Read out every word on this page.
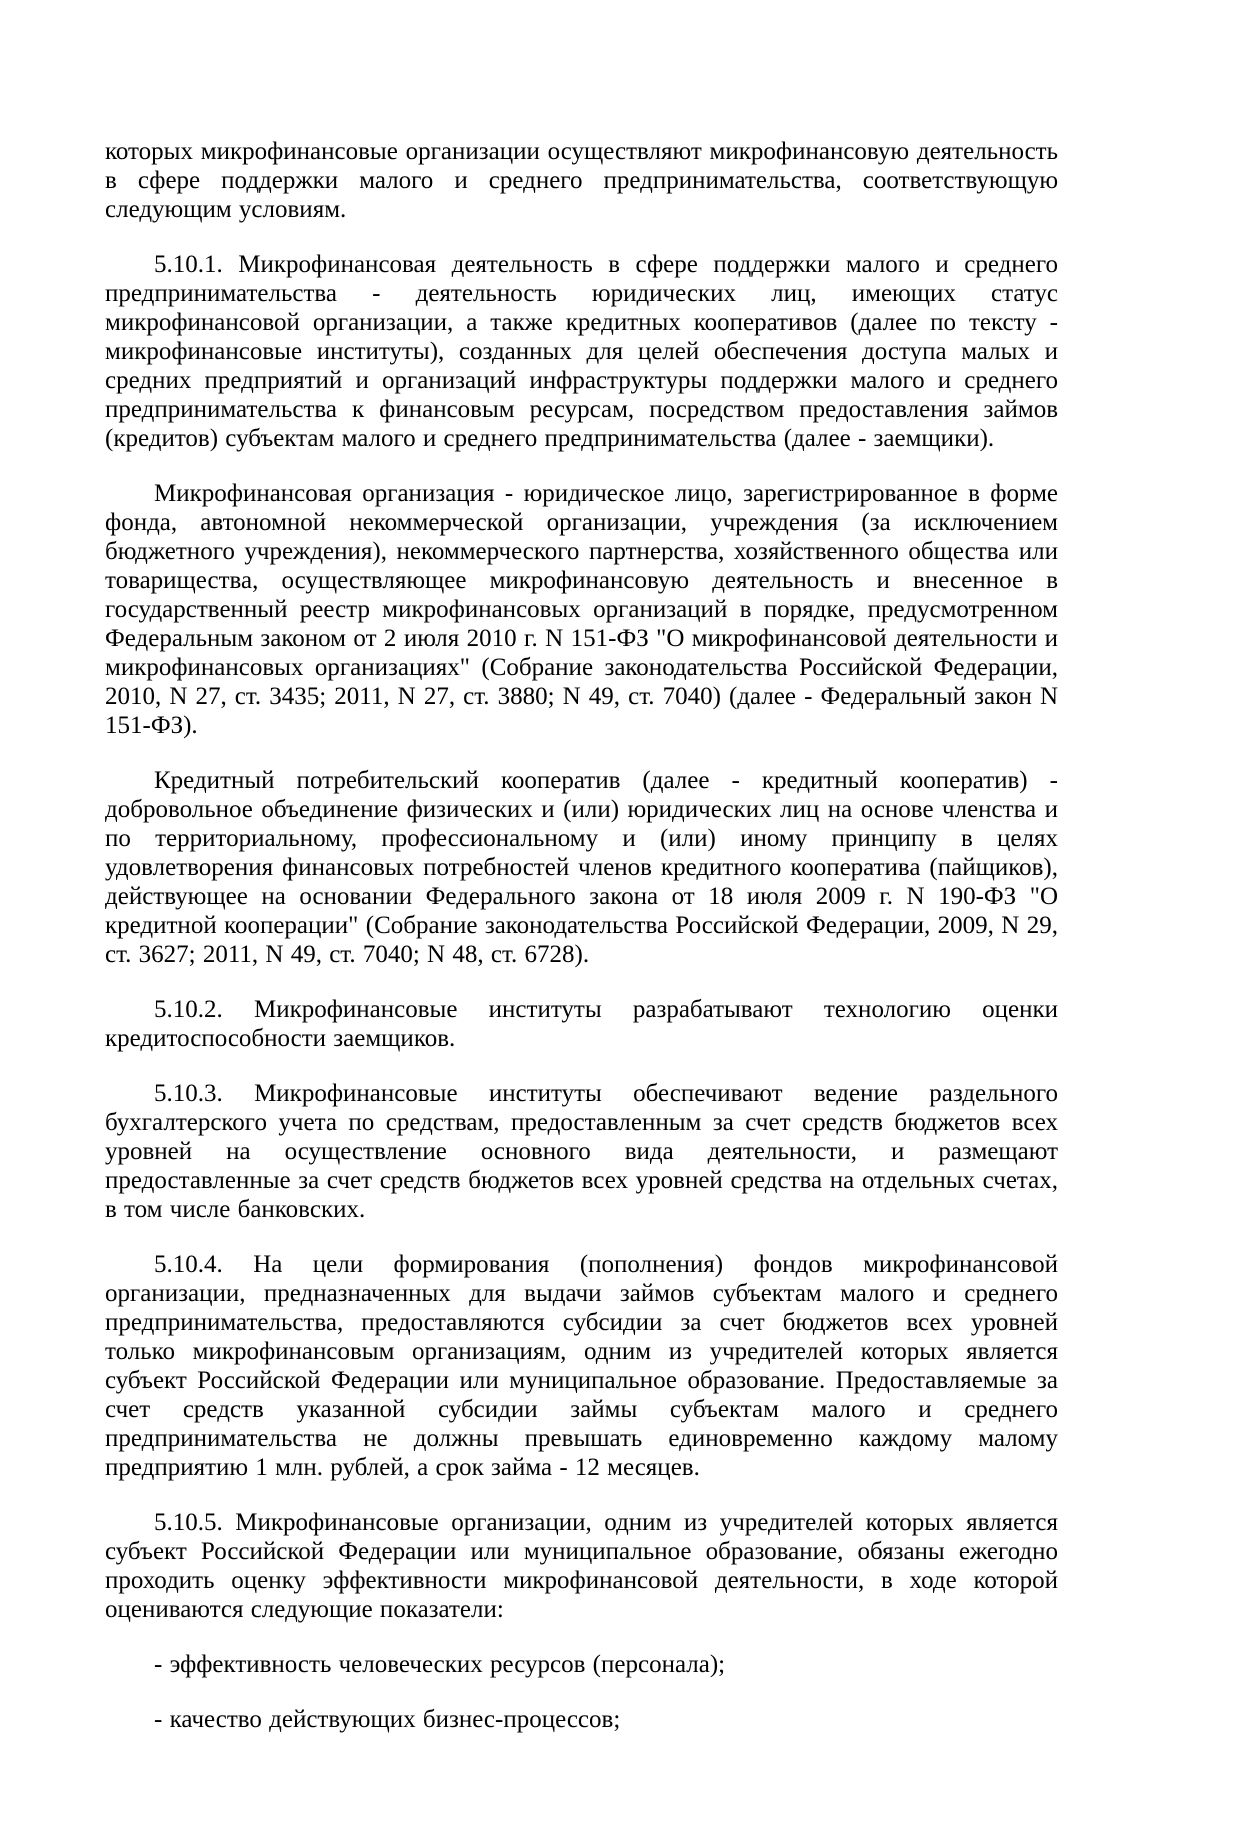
которых микрофинансовые организации осуществляют микрофинансовую деятельность в сфере поддержки малого и среднего предпринимательства, соответствующую следующим условиям.

5.10.1. Микрофинансовая деятельность в сфере поддержки малого и среднего предпринимательства - деятельность юридических лиц, имеющих статус микрофинансовой организации, а также кредитных кооперативов (далее по тексту - микрофинансовые институты), созданных для целей обеспечения доступа малых и средних предприятий и организаций инфраструктуры поддержки малого и среднего предпринимательства к финансовым ресурсам, посредством предоставления займов (кредитов) субъектам малого и среднего предпринимательства (далее - заемщики).

Микрофинансовая организация - юридическое лицо, зарегистрированное в форме фонда, автономной некоммерческой организации, учреждения (за исключением бюджетного учреждения), некоммерческого партнерства, хозяйственного общества или товарищества, осуществляющее микрофинансовую деятельность и внесенное в государственный реестр микрофинансовых организаций в порядке, предусмотренном Федеральным законом от 2 июля 2010 г. N 151-ФЗ "О микрофинансовой деятельности и микрофинансовых организациях" (Собрание законодательства Российской Федерации, 2010, N 27, ст. 3435; 2011, N 27, ст. 3880; N 49, ст. 7040) (далее - Федеральный закон N 151-ФЗ).

Кредитный потребительский кооператив (далее - кредитный кооператив) - добровольное объединение физических и (или) юридических лиц на основе членства и по территориальному, профессиональному и (или) иному принципу в целях удовлетворения финансовых потребностей членов кредитного кооператива (пайщиков), действующее на основании Федерального закона от 18 июля 2009 г. N 190-ФЗ "О кредитной кооперации" (Собрание законодательства Российской Федерации, 2009, N 29, ст. 3627; 2011, N 49, ст. 7040; N 48, ст. 6728).

5.10.2. Микрофинансовые институты разрабатывают технологию оценки кредитоспособности заемщиков.

5.10.3. Микрофинансовые институты обеспечивают ведение раздельного бухгалтерского учета по средствам, предоставленным за счет средств бюджетов всех уровней на осуществление основного вида деятельности, и размещают предоставленные за счет средств бюджетов всех уровней средства на отдельных счетах, в том числе банковских.

5.10.4. На цели формирования (пополнения) фондов микрофинансовой организации, предназначенных для выдачи займов субъектам малого и среднего предпринимательства, предоставляются субсидии за счет бюджетов всех уровней только микрофинансовым организациям, одним из учредителей которых является субъект Российской Федерации или муниципальное образование. Предоставляемые за счет средств указанной субсидии займы субъектам малого и среднего предпринимательства не должны превышать единовременно каждому малому предприятию 1 млн. рублей, а срок займа - 12 месяцев.

5.10.5. Микрофинансовые организации, одним из учредителей которых является субъект Российской Федерации или муниципальное образование, обязаны ежегодно проходить оценку эффективности микрофинансовой деятельности, в ходе которой оцениваются следующие показатели:

- эффективность человеческих ресурсов (персонала);

- качество действующих бизнес-процессов;
